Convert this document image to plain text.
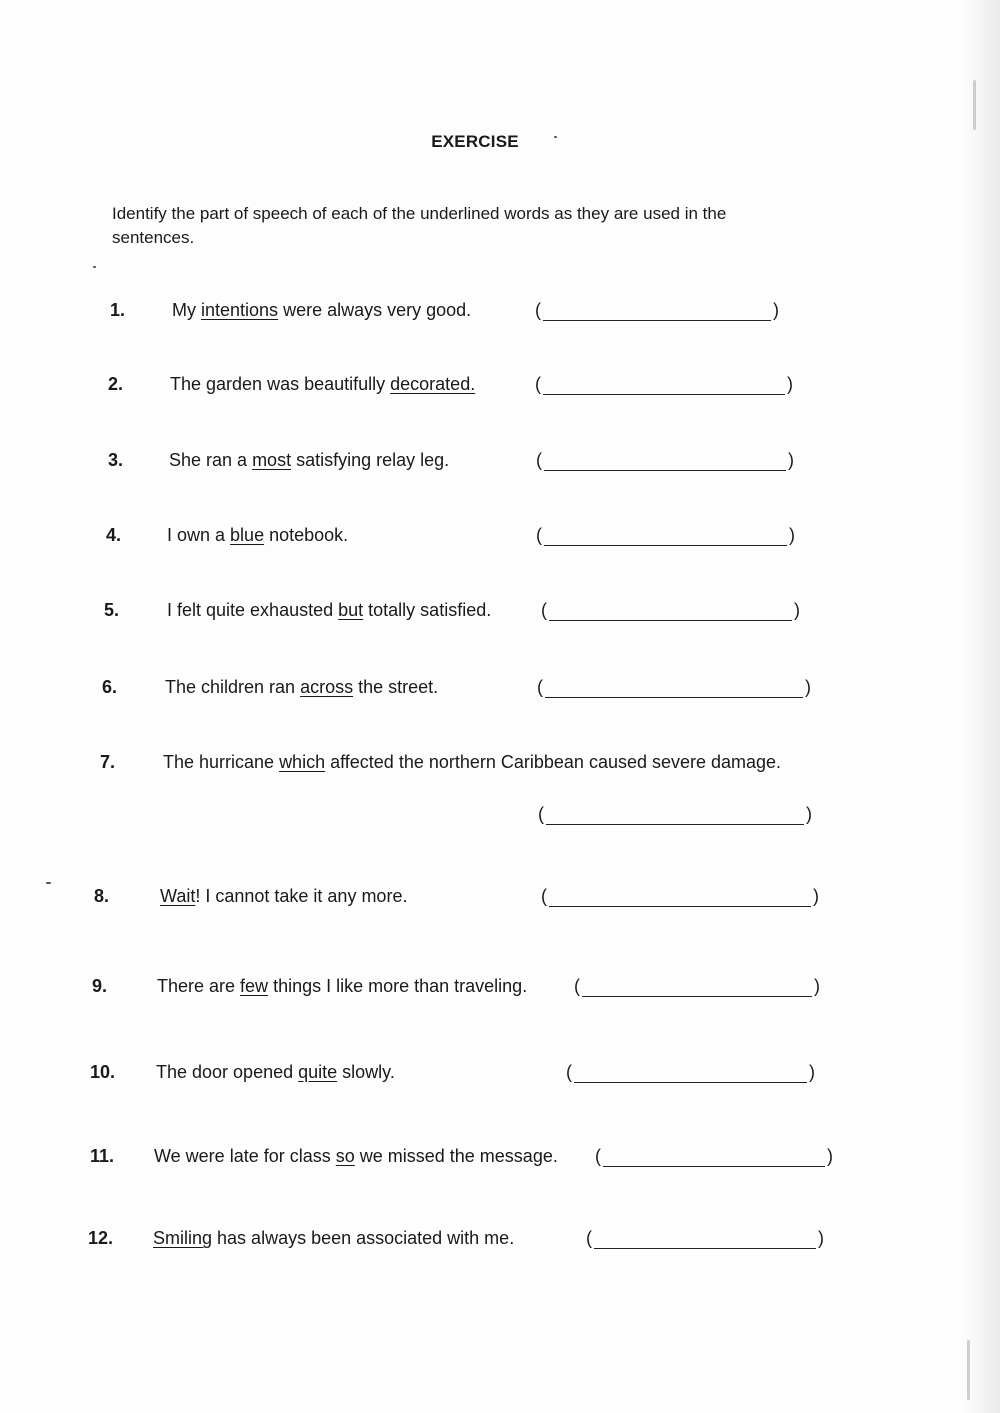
EXERCISE
Identify the part of speech of each of the underlined words as they are used in the sentences.
1.	My intentions were always very good.	(	)
2.	The garden was beautifully decorated.	(	)
3.	She ran a most satisfying relay leg.	(	)
4.	I own a blue notebook.	(	)
5.	I felt quite exhausted but totally satisfied.	(	)
6.	The children ran across the street.	(	)
7.	The hurricane which affected the northern Caribbean caused severe damage.
(	)
8.	Wait! I cannot take it any more.	(	)
9.	There are few things I like more than traveling.	(	)
10. The door opened quite slowly.	(	)
11. We were late for class so we missed the message. (	)
12. Smiling has always been associated with me.	(	)
